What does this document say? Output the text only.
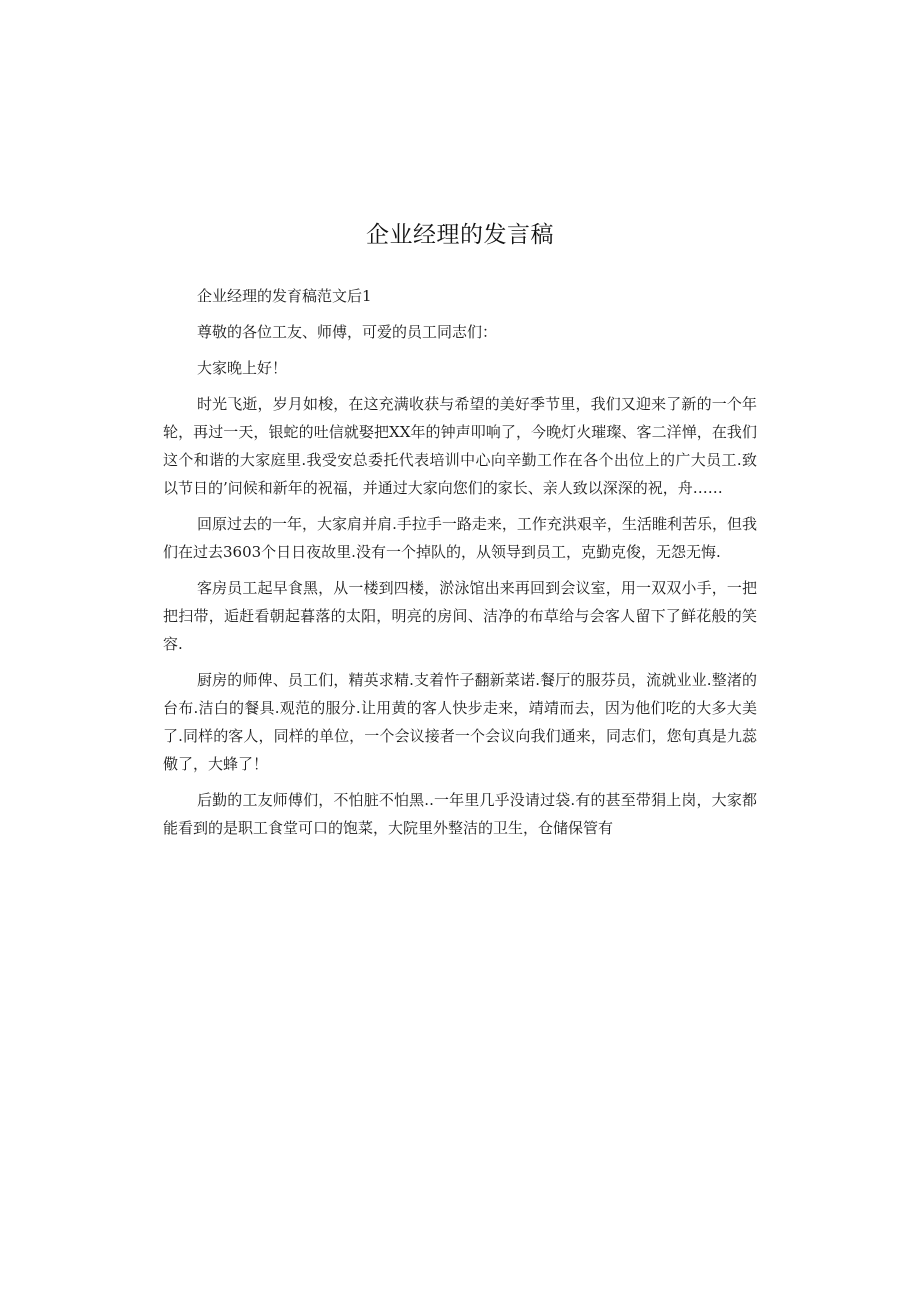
企业经理的发言稿

企业经理的发育稿范文后1

尊敬的各位工友、师傅，可爱的员工同志们：

大家晚上好！

时光飞逝，岁月如梭，在这充满收获与希望的美好季节里，我们又迎来了新的一个年轮，再过一天，银蛇的吐信就娶把XX年的钟声叩响了，今晚灯火璀璨、客二洋惮，在我们这个和谐的大家庭里.我受安总委托代表培训中心向辛勤工作在各个出位上的广大员工.致以节日的’问候和新年的祝福，并通过大家向您们的家长、亲人致以深深的祝，舟……

回原过去的一年，大家肩并肩.手拉手一路走来，工作充洪艰辛，生活睢利苦乐，但我们在过去3603个日日夜故里.没有一个掉队的，从领导到员工，克勤克俊，无怨无悔.

客房员工起早食黑，从一楼到四楼，淤泳馆出来再回到会议室，用一双双小手，一把把扫带，逅赶看朝起暮落的太阳，明亮的房间、洁净的布草给与会客人留下了鲜花般的笑容.

厨房的师俾、员工们，精英求精.支着忤子翻新菜诺.餐厅的服芬员，流就业业.整渚的台布.洁白的餐具.观范的服分.让用黄的客人快步走来，靖靖而去，因为他们吃的大多大美了.同样的客人，同样的单位，一个会议接者一个会议向我们通来，同志们，您旬真是九蕊儆了，大蜂了！

后勤的工友师傅们，不怕脏不怕黑..一年里几乎没请过袋.有的甚至带狷上岗，大家都能看到的是职工食堂可口的饱菜，大院里外整洁的卫生，仓储保管有
